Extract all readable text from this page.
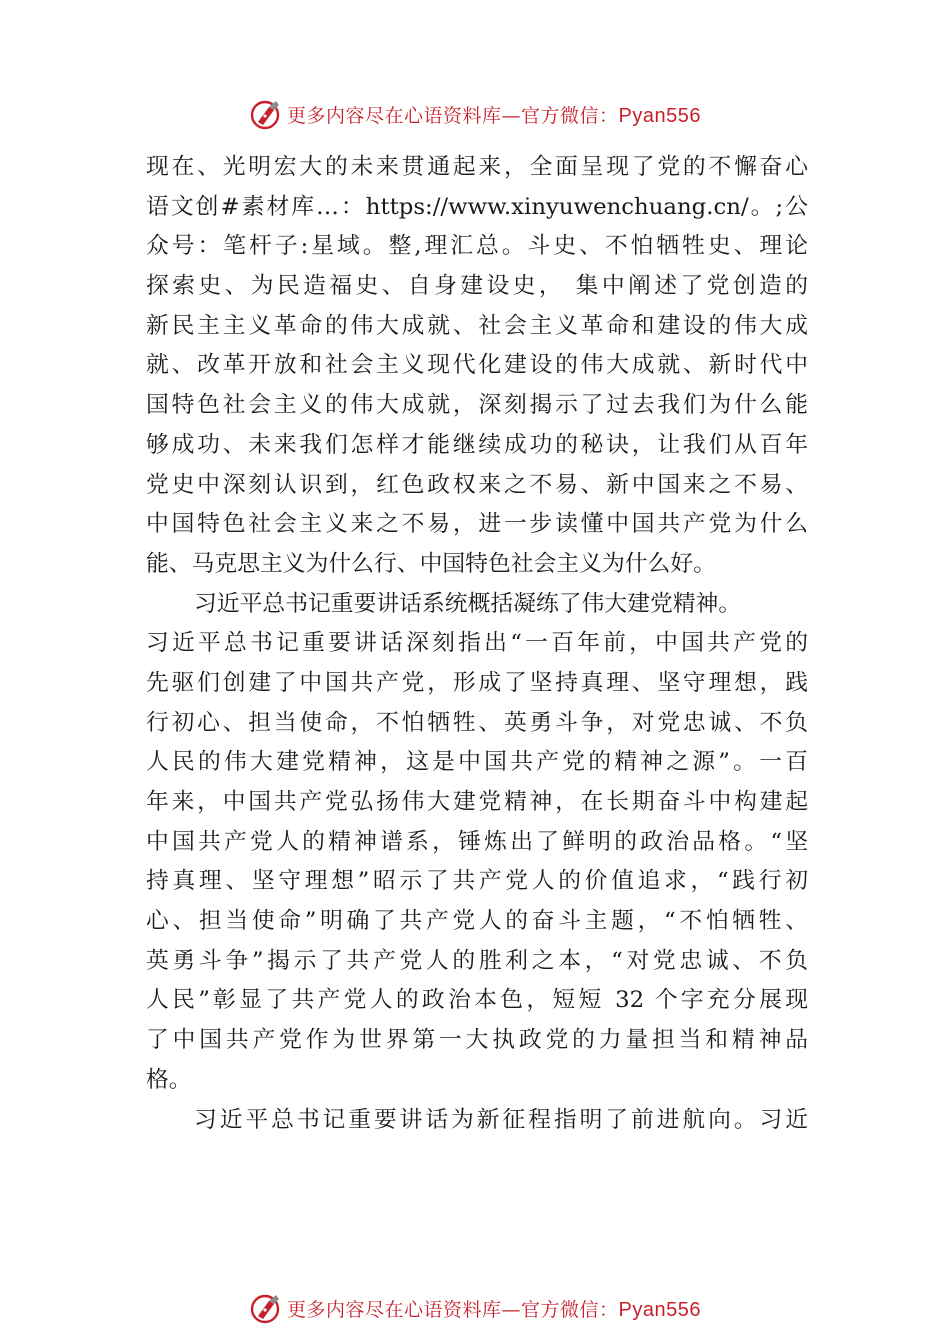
更多内容尽在心语资料库—官方微信：Pyan556
现在、光明宏大的未来贯通起来，全面呈现了党的不懈奋心
语文创#素材库…：https://www.xinyuwenchuang.cn/。;公
众号：笔杆子:星域。整,理汇总。斗史、不怕牺牲史、理论
探索史、为民造福史、自身建设史， 集中阐述了党创造的
新民主主义革命的伟大成就、社会主义革命和建设的伟大成
就、改革开放和社会主义现代化建设的伟大成就、新时代中
国特色社会主义的伟大成就，深刻揭示了过去我们为什么能
够成功、未来我们怎样才能继续成功的秘诀，让我们从百年
党史中深刻认识到，红色政权来之不易、新中国来之不易、
中国特色社会主义来之不易，进一步读懂中国共产党为什么
能、马克思主义为什么行、中国特色社会主义为什么好。
习近平总书记重要讲话系统概括凝练了伟大建党精神。
习近平总书记重要讲话深刻指出“一百年前，中国共产党的
先驱们创建了中国共产党，形成了坚持真理、坚守理想，践
行初心、担当使命，不怕牺牲、英勇斗争，对党忠诚、不负
人民的伟大建党精神，这是中国共产党的精神之源”。一百
年来，中国共产党弘扬伟大建党精神，在长期奋斗中构建起
中国共产党人的精神谱系，锤炼出了鲜明的政治品格。“坚
持真理、坚守理想”昭示了共产党人的价值追求，“践行初
心、担当使命”明确了共产党人的奋斗主题，“不怕牺牲、
英勇斗争”揭示了共产党人的胜利之本，“对党忠诚、不负
人民”彰显了共产党人的政治本色，短短 32 个字充分展现
了中国共产党作为世界第一大执政党的力量担当和精神品
格。
习近平总书记重要讲话为新征程指明了前进航向。习近
更多内容尽在心语资料库—官方微信：Pyan556
